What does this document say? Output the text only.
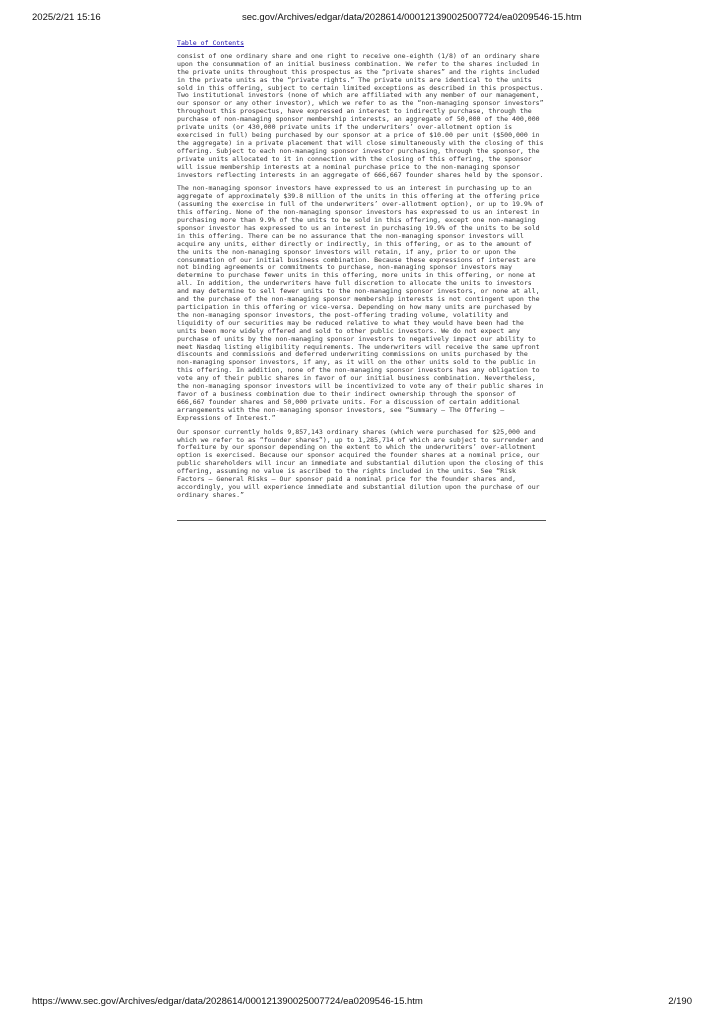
2025/2/21 15:16	sec.gov/Archives/edgar/data/2028614/000121390025007724/ea0209546-15.htm
Table of Contents

consist of one ordinary share and one right to receive one-eighth (1/8) of an ordinary share upon the consummation of an initial business combination. We refer to the shares included in the private units throughout this prospectus as the “private shares” and the rights included in the private units as the “private rights.” The private units are identical to the units sold in this offering, subject to certain limited exceptions as described in this prospectus. Two institutional investors (none of which are affiliated with any member of our management, our sponsor or any other investor), which we refer to as the “non-managing sponsor investors” throughout this prospectus, have expressed an interest to indirectly purchase, through the purchase of non-managing sponsor membership interests, an aggregate of 50,000 of the 400,000 private units (or 430,000 private units if the underwriters’ over-allotment option is exercised in full) being purchased by our sponsor at a price of $10.00 per unit ($500,000 in the aggregate) in a private placement that will close simultaneously with the closing of this offering. Subject to each non-managing sponsor investor purchasing, through the sponsor, the private units allocated to it in connection with the closing of this offering, the sponsor will issue membership interests at a nominal purchase price to the non-managing sponsor investors reflecting interests in an aggregate of 666,667 founder shares held by the sponsor.

The non-managing sponsor investors have expressed to us an interest in purchasing up to an aggregate of approximately $39.8 million of the units in this offering at the offering price (assuming the exercise in full of the underwriters’ over-allotment option), or up to 19.9% of this offering. None of the non-managing sponsor investors has expressed to us an interest in purchasing more than 9.9% of the units to be sold in this offering, except one non-managing sponsor investor has expressed to us an interest in purchasing 19.9% of the units to be sold in this offering. There can be no assurance that the non-managing sponsor investors will acquire any units, either directly or indirectly, in this offering, or as to the amount of the units the non-managing sponsor investors will retain, if any, prior to or upon the consummation of our initial business combination. Because these expressions of interest are not binding agreements or commitments to purchase, non-managing sponsor investors may determine to purchase fewer units in this offering, more units in this offering, or none at all. In addition, the underwriters have full discretion to allocate the units to investors and may determine to sell fewer units to the non-managing sponsor investors, or none at all, and the purchase of the non-managing sponsor membership interests is not contingent upon the participation in this offering or vice-versa. Depending on how many units are purchased by the non-managing sponsor investors, the post-offering trading volume, volatility and liquidity of our securities may be reduced relative to what they would have been had the units been more widely offered and sold to other public investors. We do not expect any purchase of units by the non-managing sponsor investors to negatively impact our ability to meet Nasdaq listing eligibility requirements. The underwriters will receive the same upfront discounts and commissions and deferred underwriting commissions on units purchased by the non-managing sponsor investors, if any, as it will on the other units sold to the public in this offering. In addition, none of the non-managing sponsor investors has any obligation to vote any of their public shares in favor of our initial business combination. Nevertheless, the non-managing sponsor investors will be incentivized to vote any of their public shares in favor of a business combination due to their indirect ownership through the sponsor of 666,667 founder shares and 50,000 private units. For a discussion of certain additional arrangements with the non-managing sponsor investors, see “Summary — The Offering — Expressions of Interest.”

Our sponsor currently holds 9,857,143 ordinary shares (which were purchased for $25,000 and which we refer to as “founder shares”), up to 1,285,714 of which are subject to surrender and forfeiture by our sponsor depending on the extent to which the underwriters’ over-allotment option is exercised. Because our sponsor acquired the founder shares at a nominal price, our public shareholders will incur an immediate and substantial dilution upon the closing of this offering, assuming no value is ascribed to the rights included in the units. See “Risk Factors — General Risks — Our sponsor paid a nominal price for the founder shares and, accordingly, you will experience immediate and substantial dilution upon the purchase of our ordinary shares.”

https://www.sec.gov/Archives/edgar/data/2028614/000121390025007724/ea0209546-15.htm	2/190
